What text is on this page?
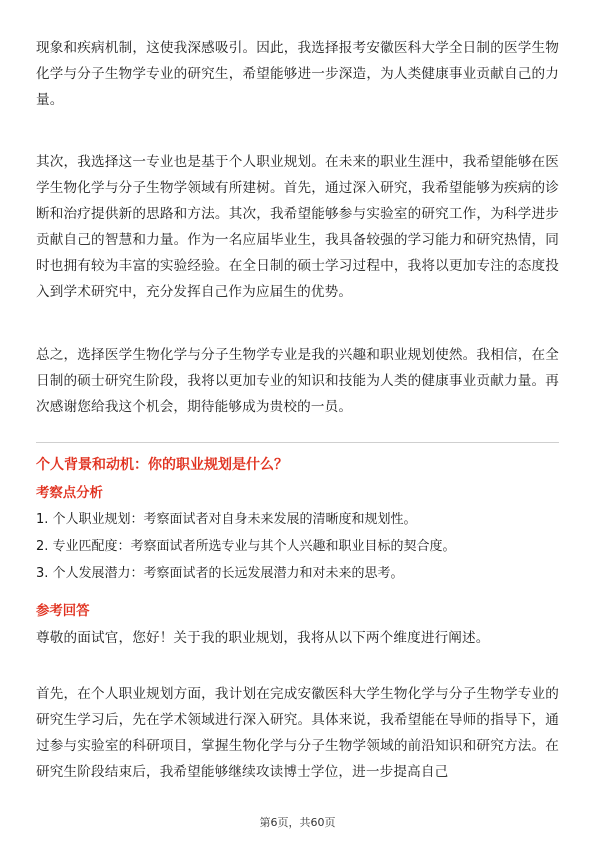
现象和疾病机制，这使我深感吸引。因此，我选择报考安徽医科大学全日制的医学生物化学与分子生物学专业的研究生，希望能够进一步深造，为人类健康事业贡献自己的力量。

其次，我选择这一专业也是基于个人职业规划。在未来的职业生涯中，我希望能够在医学生物化学与分子生物学领域有所建树。首先，通过深入研究，我希望能够为疾病的诊断和治疗提供新的思路和方法。其次，我希望能够参与实验室的研究工作，为科学进步贡献自己的智慧和力量。作为一名应届毕业生，我具备较强的学习能力和研究热情，同时也拥有较为丰富的实验经验。在全日制的硕士学习过程中，我将以更加专注的态度投入到学术研究中，充分发挥自己作为应届生的优势。

总之，选择医学生物化学与分子生物学专业是我的兴趣和职业规划使然。我相信，在全日制的硕士研究生阶段，我将以更加专业的知识和技能为人类的健康事业贡献力量。再次感谢您给我这个机会，期待能够成为贵校的一员。

个人背景和动机：你的职业规划是什么？
考察点分析
1. 个人职业规划：考察面试者对自身未来发展的清晰度和规划性。
2. 专业匹配度：考察面试者所选专业与其个人兴趣和职业目标的契合度。
3. 个人发展潜力：考察面试者的长远发展潜力和对未来的思考。
参考回答

尊敬的面试官，您好！关于我的职业规划，我将从以下两个维度进行阐述。

首先，在个人职业规划方面，我计划在完成安徽医科大学生物化学与分子生物学专业的研究生学习后，先在学术领域进行深入研究。具体来说，我希望能在导师的指导下，通过参与实验室的科研项目，掌握生物化学与分子生物学领域的前沿知识和研究方法。在研究生阶段结束后，我希望能够继续攻读博士学位，进一步提高自己

第6页，共60页
